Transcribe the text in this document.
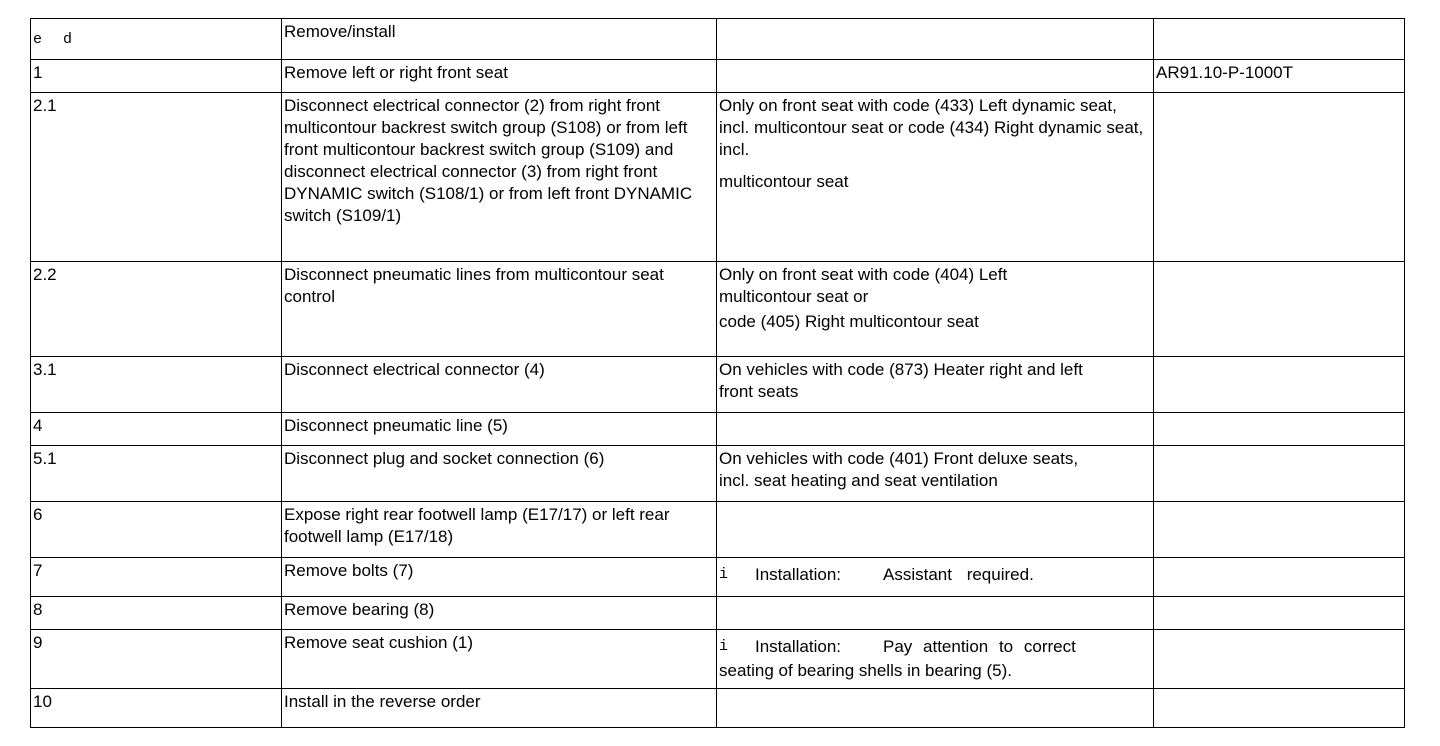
e d	Remove/install		
1	Remove left or right front seat		AR91.10-P-1000T
2.1	Disconnect electrical connector (2) from right front multicontour backrest switch group (S108) or from left front multicontour backrest switch group (S109) and disconnect electrical connector (3) from right front DYNAMIC switch (S108/1) or from left front DYNAMIC switch (S109/1)	Only on front seat with code (433) Left dynamic seat, incl. multicontour seat or code (434) Right dynamic seat, incl.
multicontour seat	

2.2	Disconnect pneumatic lines from multicontour seat control	Only on front seat with code (404) Left multicontour seat or
code (405) Right multicontour seat	

3.1	Disconnect electrical connector (4)	On vehicles with code (873) Heater right and left front seats	
4	Disconnect pneumatic line (5)		
5.1	Disconnect plug and socket connection (6)	On vehicles with code (401) Front deluxe seats, incl. seat heating and seat ventilation	
6	Expose right rear footwell lamp (E17/17) or left rear footwell lamp (E17/18)		
7	Remove bolts (7)	i Installation: Assistant required.	

8	Remove bearing (8)		
9	Remove seat cushion (1)	i Installation: Pay attention to correct
seating of bearing shells in bearing (5).	

10	Install in the reverse order		
